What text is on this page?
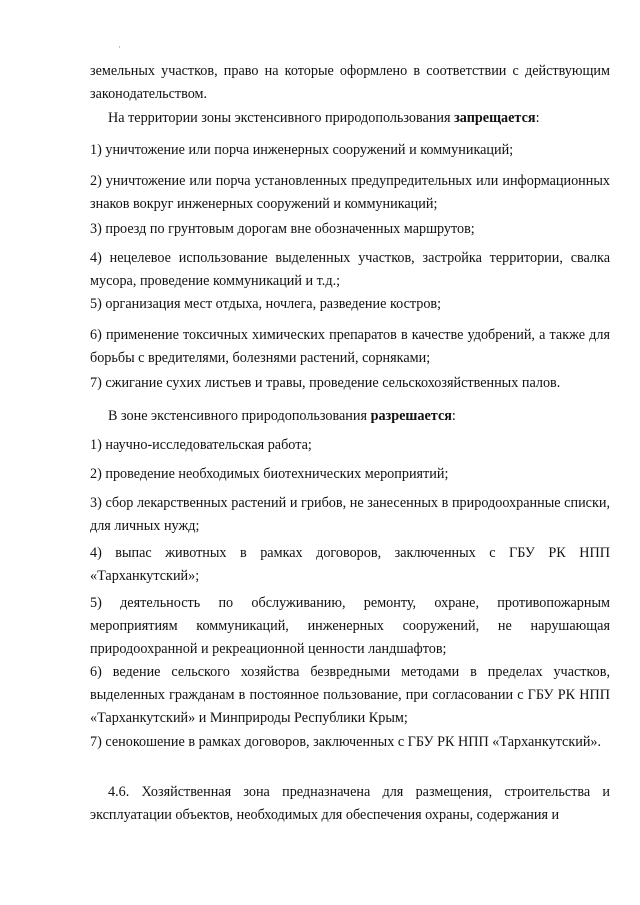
·

земельных участков, право на которые оформлено в соответствии с действующим законодательством.

На территории зоны экстенсивного природопользования запрещается:

1) уничтожение или порча инженерных сооружений и коммуникаций;

2) уничтожение или порча установленных предупредительных или информационных знаков вокруг инженерных сооружений и коммуникаций;

3) проезд по грунтовым дорогам вне обозначенных маршрутов;

4) нецелевое использование выделенных участков, застройка территории, свалка мусора, проведение коммуникаций и т.д.;

5) организация мест отдыха, ночлега, разведение костров;

6) применение токсичных химических препаратов в качестве удобрений, а также для борьбы с вредителями, болезнями растений, сорняками;

7) сжигание сухих листьев и травы, проведение сельскохозяйственных палов.

В зоне экстенсивного природопользования разрешается:

1) научно-исследовательская работа;

2) проведение необходимых биотехнических мероприятий;

3) сбор лекарственных растений и грибов, не занесенных в природоохранные списки, для личных нужд;

4) выпас животных в рамках договоров, заключенных с ГБУ РК НПП «Тарханкутский»;

5) деятельность по обслуживанию, ремонту, охране, противопожарным мероприятиям коммуникаций, инженерных сооружений, не нарушающая природоохранной и рекреационной ценности ландшафтов;

6) ведение сельского хозяйства безвредными методами в пределах участков, выделенных гражданам в постоянное пользование, при согласовании с ГБУ РК НПП «Тарханкутский» и Минприроды Республики Крым;

7) сенокошение в рамках договоров, заключенных с ГБУ РК НПП «Тарханкутский».

4.6. Хозяйственная зона предназначена для размещения, строительства и эксплуатации объектов, необходимых для обеспечения охраны, содержания и
